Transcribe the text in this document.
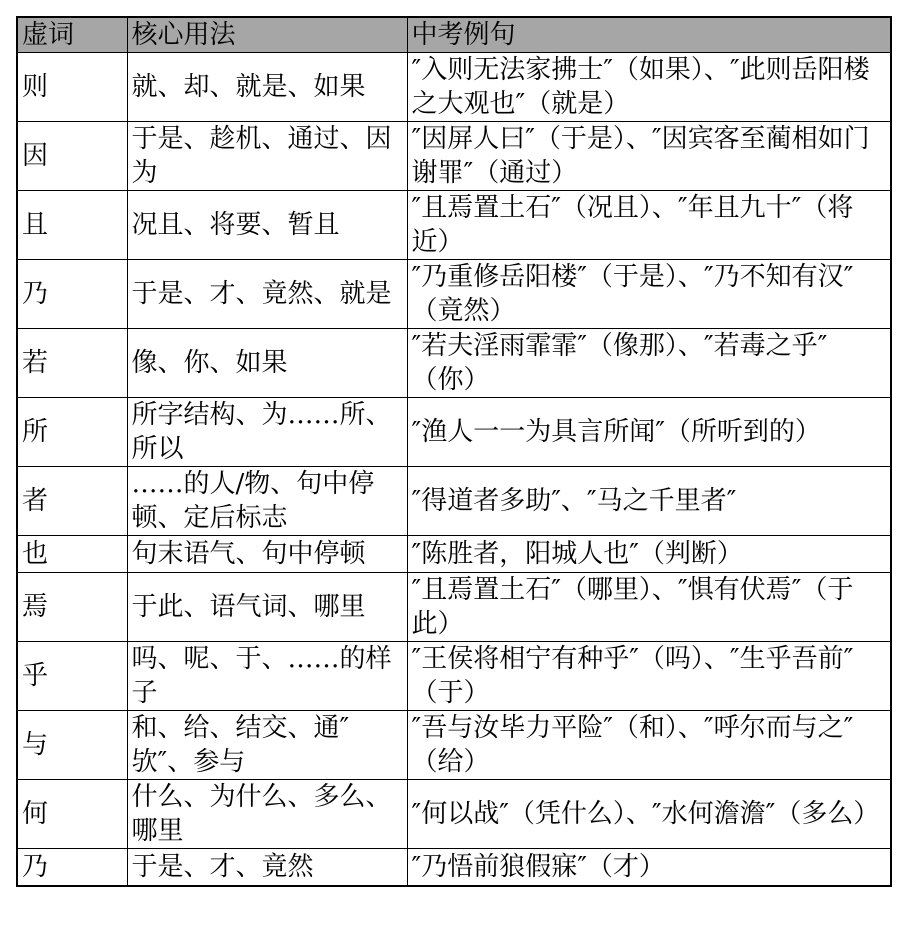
虚词	核心用法	中考例句
则	就、却、就是、如果	″入则无法家拂士″（如果）、″此则岳阳楼之大观也″（就是）
因	于是、趁机、通过、因为	″因屏人曰″（于是）、″因宾客至蔺相如门谢罪″（通过）
且	况且、将要、暂且	″且焉置土石″（况且）、″年且九十″（将近）
乃	于是、才、竟然、就是	″乃重修岳阳楼″（于是）、″乃不知有汉″（竟然）
若	像、你、如果	″若夫淫雨霏霏″（像那）、″若毒之乎″（你）
所	所字结构、为……所、所以	″渔人一一为具言所闻″（所听到的）
者	……的人/物、句中停顿、定后标志	″得道者多助″、″马之千里者″
也	句末语气、句中停顿	″陈胜者，阳城人也″（判断）
焉	于此、语气词、哪里	″且焉置土石″（哪里）、″惧有伏焉″（于此）
乎	吗、呢、于、……的样子	″王侯将相宁有种乎″（吗）、″生乎吾前″（于）
与	和、给、结交、通″欤″、参与	″吾与汝毕力平险″（和）、″呼尔而与之″（给）
何	什么、为什么、多么、哪里	″何以战″（凭什么）、″水何澹澹″（多么）
乃	于是、才、竟然	″乃悟前狼假寐″（才）
